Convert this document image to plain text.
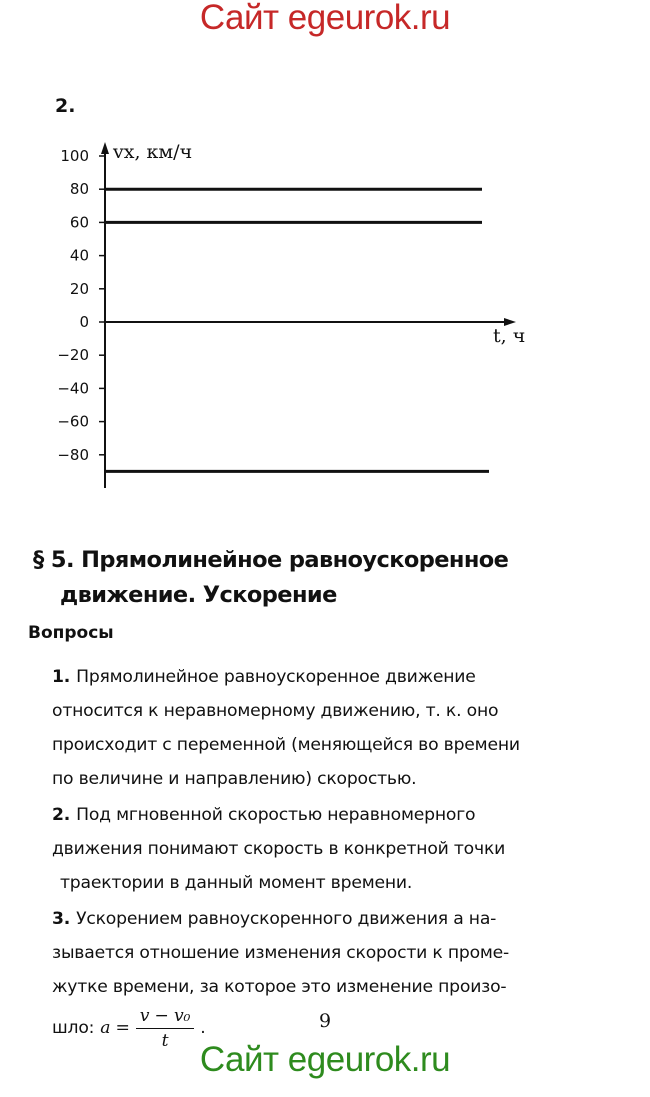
Сайт egeurok.ru
2.
vx, км/ч
t, ч
100
80
60
40
20
0
−20
−40
−60
−80
§ 5. Прямолинейное равноускоренное
движение. Ускорение
Вопросы

1. Прямолинейное равноускоренное движение

относится к неравномерному движению, т. к. оно

происходит с переменной (меняющейся во времени

по величине и направлению) скоростью.

2. Под мгновенной скоростью неравномерного

движения понимают скорость в конкретной точки

траектории в данный момент времени.

3. Ускорением равноускоренного движения a на-

зывается отношение изменения скорости к проме-

жутке времени, за которое это изменение произо-

шло: $a = \frac{\text{v − v₀}}{t}$ .	9
Сайт egeurok.ru
